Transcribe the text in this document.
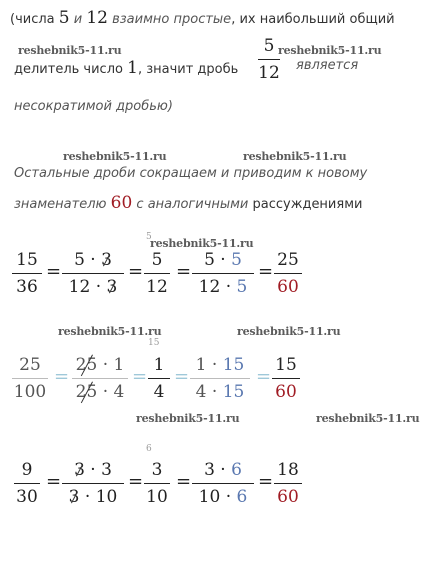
(числа 5 и 12 взаимно простые, их наибольший общий
reshebnik5-11.ru	reshebnik5-11.ru
делитель число 1, значит дробь
5
12 является
несократимой дробью)
reshebnik5-11.ru	reshebnik5-11.ru
Остальные дроби сокращаем и приводим к новому
знаменателю 60 с аналогичными рассуждениями
reshebnik5-11.ru
15
36
=
5 · 3
12 · 3
=
5
5
12
=
5 · 5
12 · 5
=
25
60
reshebnik5-11.ru	reshebnik5-11.ru
25
100
=
25 · 1
25 · 4
=
15
1
4
=
1 · 15
4 · 15
=
15
60
reshebnik5-11.ru	reshebnik5-11.ru
9
30
=
3 · 3
3 · 10
=
6
3
10
=
3 · 6
10 · 6
=
18
60
